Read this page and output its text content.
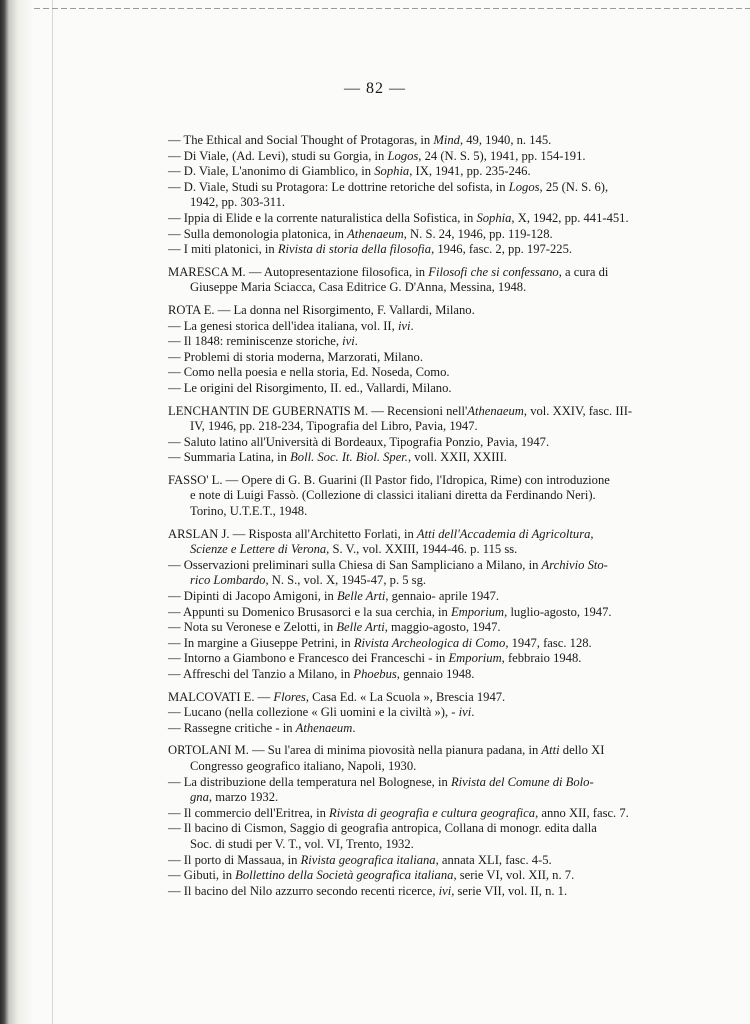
— 82 —
— The Ethical and Social Thought of Protagoras, in Mind, 49, 1940, n. 145.
— Di Viale, (Ad. Levi), studi su Gorgia, in Logos, 24 (N. S. 5), 1941, pp. 154-191.
— D. Viale, L'anonimo di Giamblico, in Sophia, IX, 1941, pp. 235-246.
— D. Viale, Studi su Protagora: Le dottrine retoriche del sofista, in Logos, 25 (N. S. 6),
1942, pp. 303-311.
— Ippia di Elide e la corrente naturalistica della Sofistica, in Sophia, X, 1942, pp. 441-451.
— Sulla demonologia platonica, in Athenaeum, N. S. 24, 1946, pp. 119-128.
— I miti platonici, in Rivista di storia della filosofia, 1946, fasc. 2, pp. 197-225.
MARESCA M. — Autopresentazione filosofica, in Filosofi che si confessano, a cura di
Giuseppe Maria Sciacca, Casa Editrice G. D'Anna, Messina, 1948.
ROTA E. — La donna nel Risorgimento, F. Vallardi, Milano.
— La genesi storica dell'idea italiana, vol. II, ivi.
— Il 1848: reminiscenze storiche, ivi.
— Problemi di storia moderna, Marzorati, Milano.
— Como nella poesia e nella storia, Ed. Noseda, Como.
— Le origini del Risorgimento, II. ed., Vallardi, Milano.
LENCHANTIN DE GUBERNATIS M. — Recensioni nell'Athenaeum, vol. XXIV, fasc. III-
IV, 1946, pp. 218-234, Tipografia del Libro, Pavia, 1947.
— Saluto latino all'Università di Bordeaux, Tipografia Ponzio, Pavia, 1947.
— Summaria Latina, in Boll. Soc. It. Biol. Sper., voll. XXII, XXIII.
FASSO' L. — Opere di G. B. Guarini (Il Pastor fido, l'Idropica, Rime) con introduzione
e note di Luigi Fassò. (Collezione di classici italiani diretta da Ferdinando Neri).
Torino, U.T.E.T., 1948.
ARSLAN J. — Risposta all'Architetto Forlati, in Atti dell'Accademia di Agricoltura,
Scienze e Lettere di Verona, S. V., vol. XXIII, 1944-46. p. 115 ss.
— Osservazioni preliminari sulla Chiesa di San Sampliciano a Milano, in Archivio Sto-
rico Lombardo, N. S., vol. X, 1945-47, p. 5 sg.
— Dipinti di Jacopo Amigoni, in Belle Arti, gennaio- aprile 1947.
— Appunti su Domenico Brusasorci e la sua cerchia, in Emporium, luglio-agosto, 1947.
— Nota su Veronese e Zelotti, in Belle Arti, maggio-agosto, 1947.
— In margine a Giuseppe Petrini, in Rivista Archeologica di Como, 1947, fasc. 128.
— Intorno a Giambono e Francesco dei Franceschi - in Emporium, febbraio 1948.
— Affreschi del Tanzio a Milano, in Phoebus, gennaio 1948.
MALCOVATI E. — Flores, Casa Ed. « La Scuola », Brescia 1947.
— Lucano (nella collezione « Gli uomini e la civiltà »), - ivi.
— Rassegne critiche - in Athenaeum.
ORTOLANI M. — Su l'area di minima piovosità nella pianura padana, in Atti dello XI
Congresso geografico italiano, Napoli, 1930.
— La distribuzione della temperatura nel Bolognese, in Rivista del Comune di Bolo-
gna, marzo 1932.
— Il commercio dell'Eritrea, in Rivista di geografia e cultura geografica, anno XII, fasc. 7.
— Il bacino di Cismon, Saggio di geografia antropica, Collana di monogr. edita dalla
Soc. di studi per V. T., vol. VI, Trento, 1932.
— Il porto di Massaua, in Rivista geografica italiana, annata XLI, fasc. 4-5.
— Gibuti, in Bollettino della Società geografica italiana, serie VI, vol. XII, n. 7.
— Il bacino del Nilo azzurro secondo recenti ricerce, ivi, serie VII, vol. II, n. 1.
